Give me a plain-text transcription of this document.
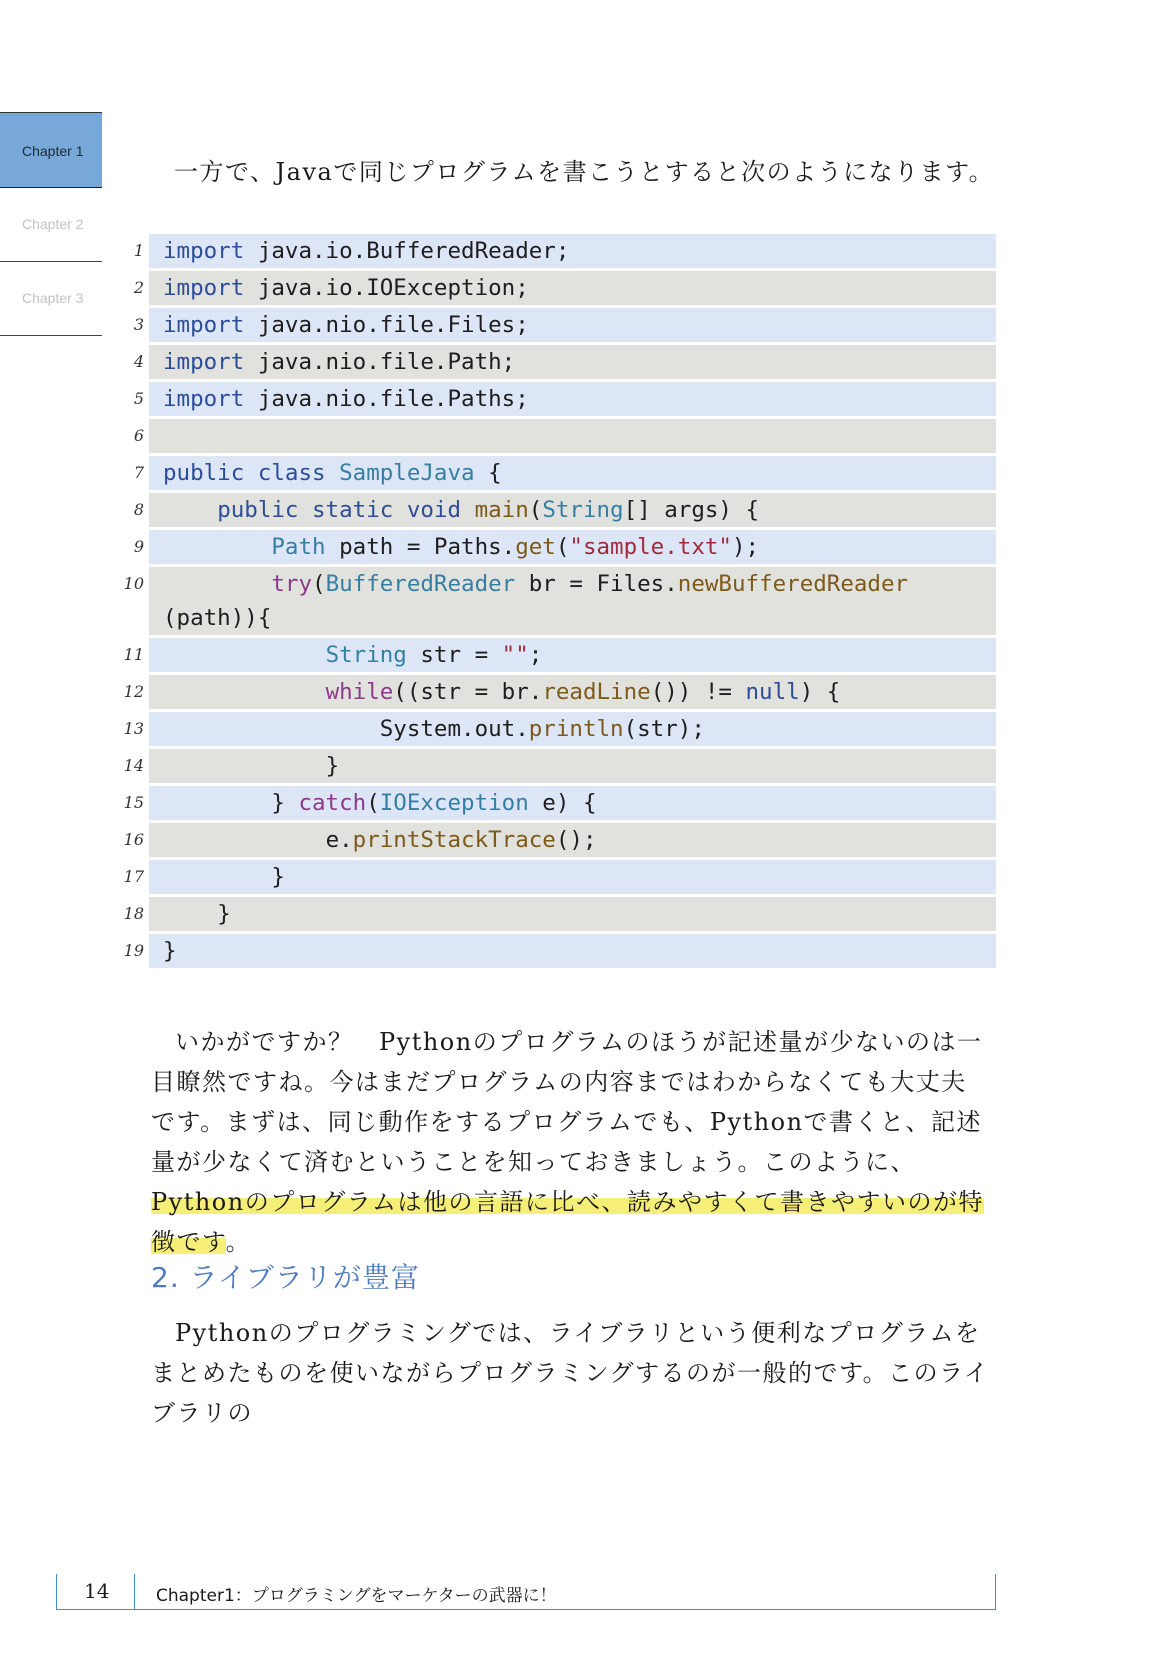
Chapter 1
Chapter 2
Chapter 3
一方で、Javaで同じプログラムを書こうとすると次のようになります。
1 import java.io.BufferedReader;
2 import java.io.IOException;
3 import java.nio.file.Files;
4 import java.nio.file.Path;
5 import java.nio.file.Paths;
6
7 public class SampleJava {
8	public static void main(String[] args) {
9	Path path = Paths.get("sample.txt");
10	try(BufferedReader br = Files.newBufferedReader
(path)){
11	String str = "";
12	while((str = br.readLine()) != null) {
13	System.out.println(str);
14	}
15	} catch(IOException e) {
16	e.printStackTrace();
17	}
18	}
19 }
いかがですか？　Pythonのプログラムのほうが記述量が少ないのは一目瞭然ですね。今はまだプログラムの内容まではわからなくても大丈夫です。まずは、同じ動作をするプログラムでも、Pythonで書くと、記述量が少なくて済むということを知っておきましょう。このように、Pythonのプログラムは他の言語に比べ、読みやすくて書きやすいのが特徴です。
2. ライブラリが豊富
Pythonのプログラミングでは、ライブラリという便利なプログラムをまとめたものを使いながらプログラミングするのが一般的です。このライブラリの
14	Chapter1：プログラミングをマーケターの武器に！
